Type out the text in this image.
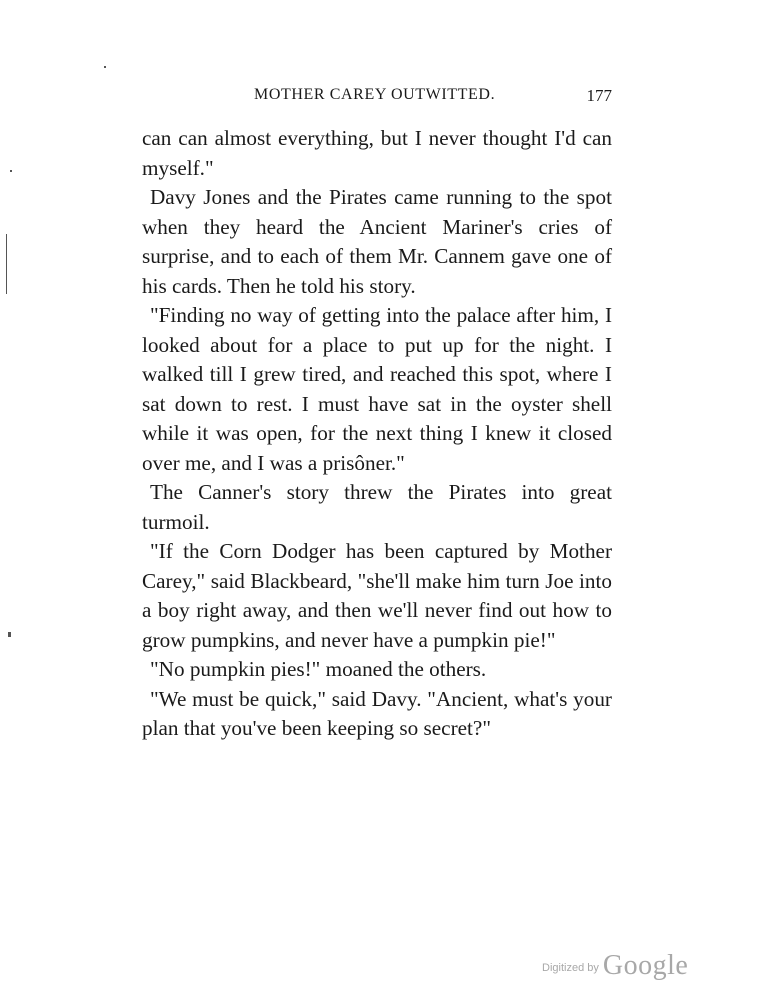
MOTHER CAREY OUTWITTED.	177

can can almost everything, but I never thought I'd can myself."

Davy Jones and the Pirates came running to the spot when they heard the Ancient Mariner's cries of surprise, and to each of them Mr. Cannem gave one of his cards. Then he told his story.

"Finding no way of getting into the palace after him, I looked about for a place to put up for the night. I walked till I grew tired, and reached this spot, where I sat down to rest. I must have sat in the oyster shell while it was open, for the next thing I knew it closed over me, and I was a prisôner."

The Canner's story threw the Pirates into great turmoil.

"If the Corn Dodger has been captured by Mother Carey," said Blackbeard, "she'll make him turn Joe into a boy right away, and then we'll never find out how to grow pumpkins, and never have a pumpkin pie!"

"No pumpkin pies!" moaned the others.

"We must be quick," said Davy. "Ancient, what's your plan that you've been keeping so secret?"

Digitized by Google
